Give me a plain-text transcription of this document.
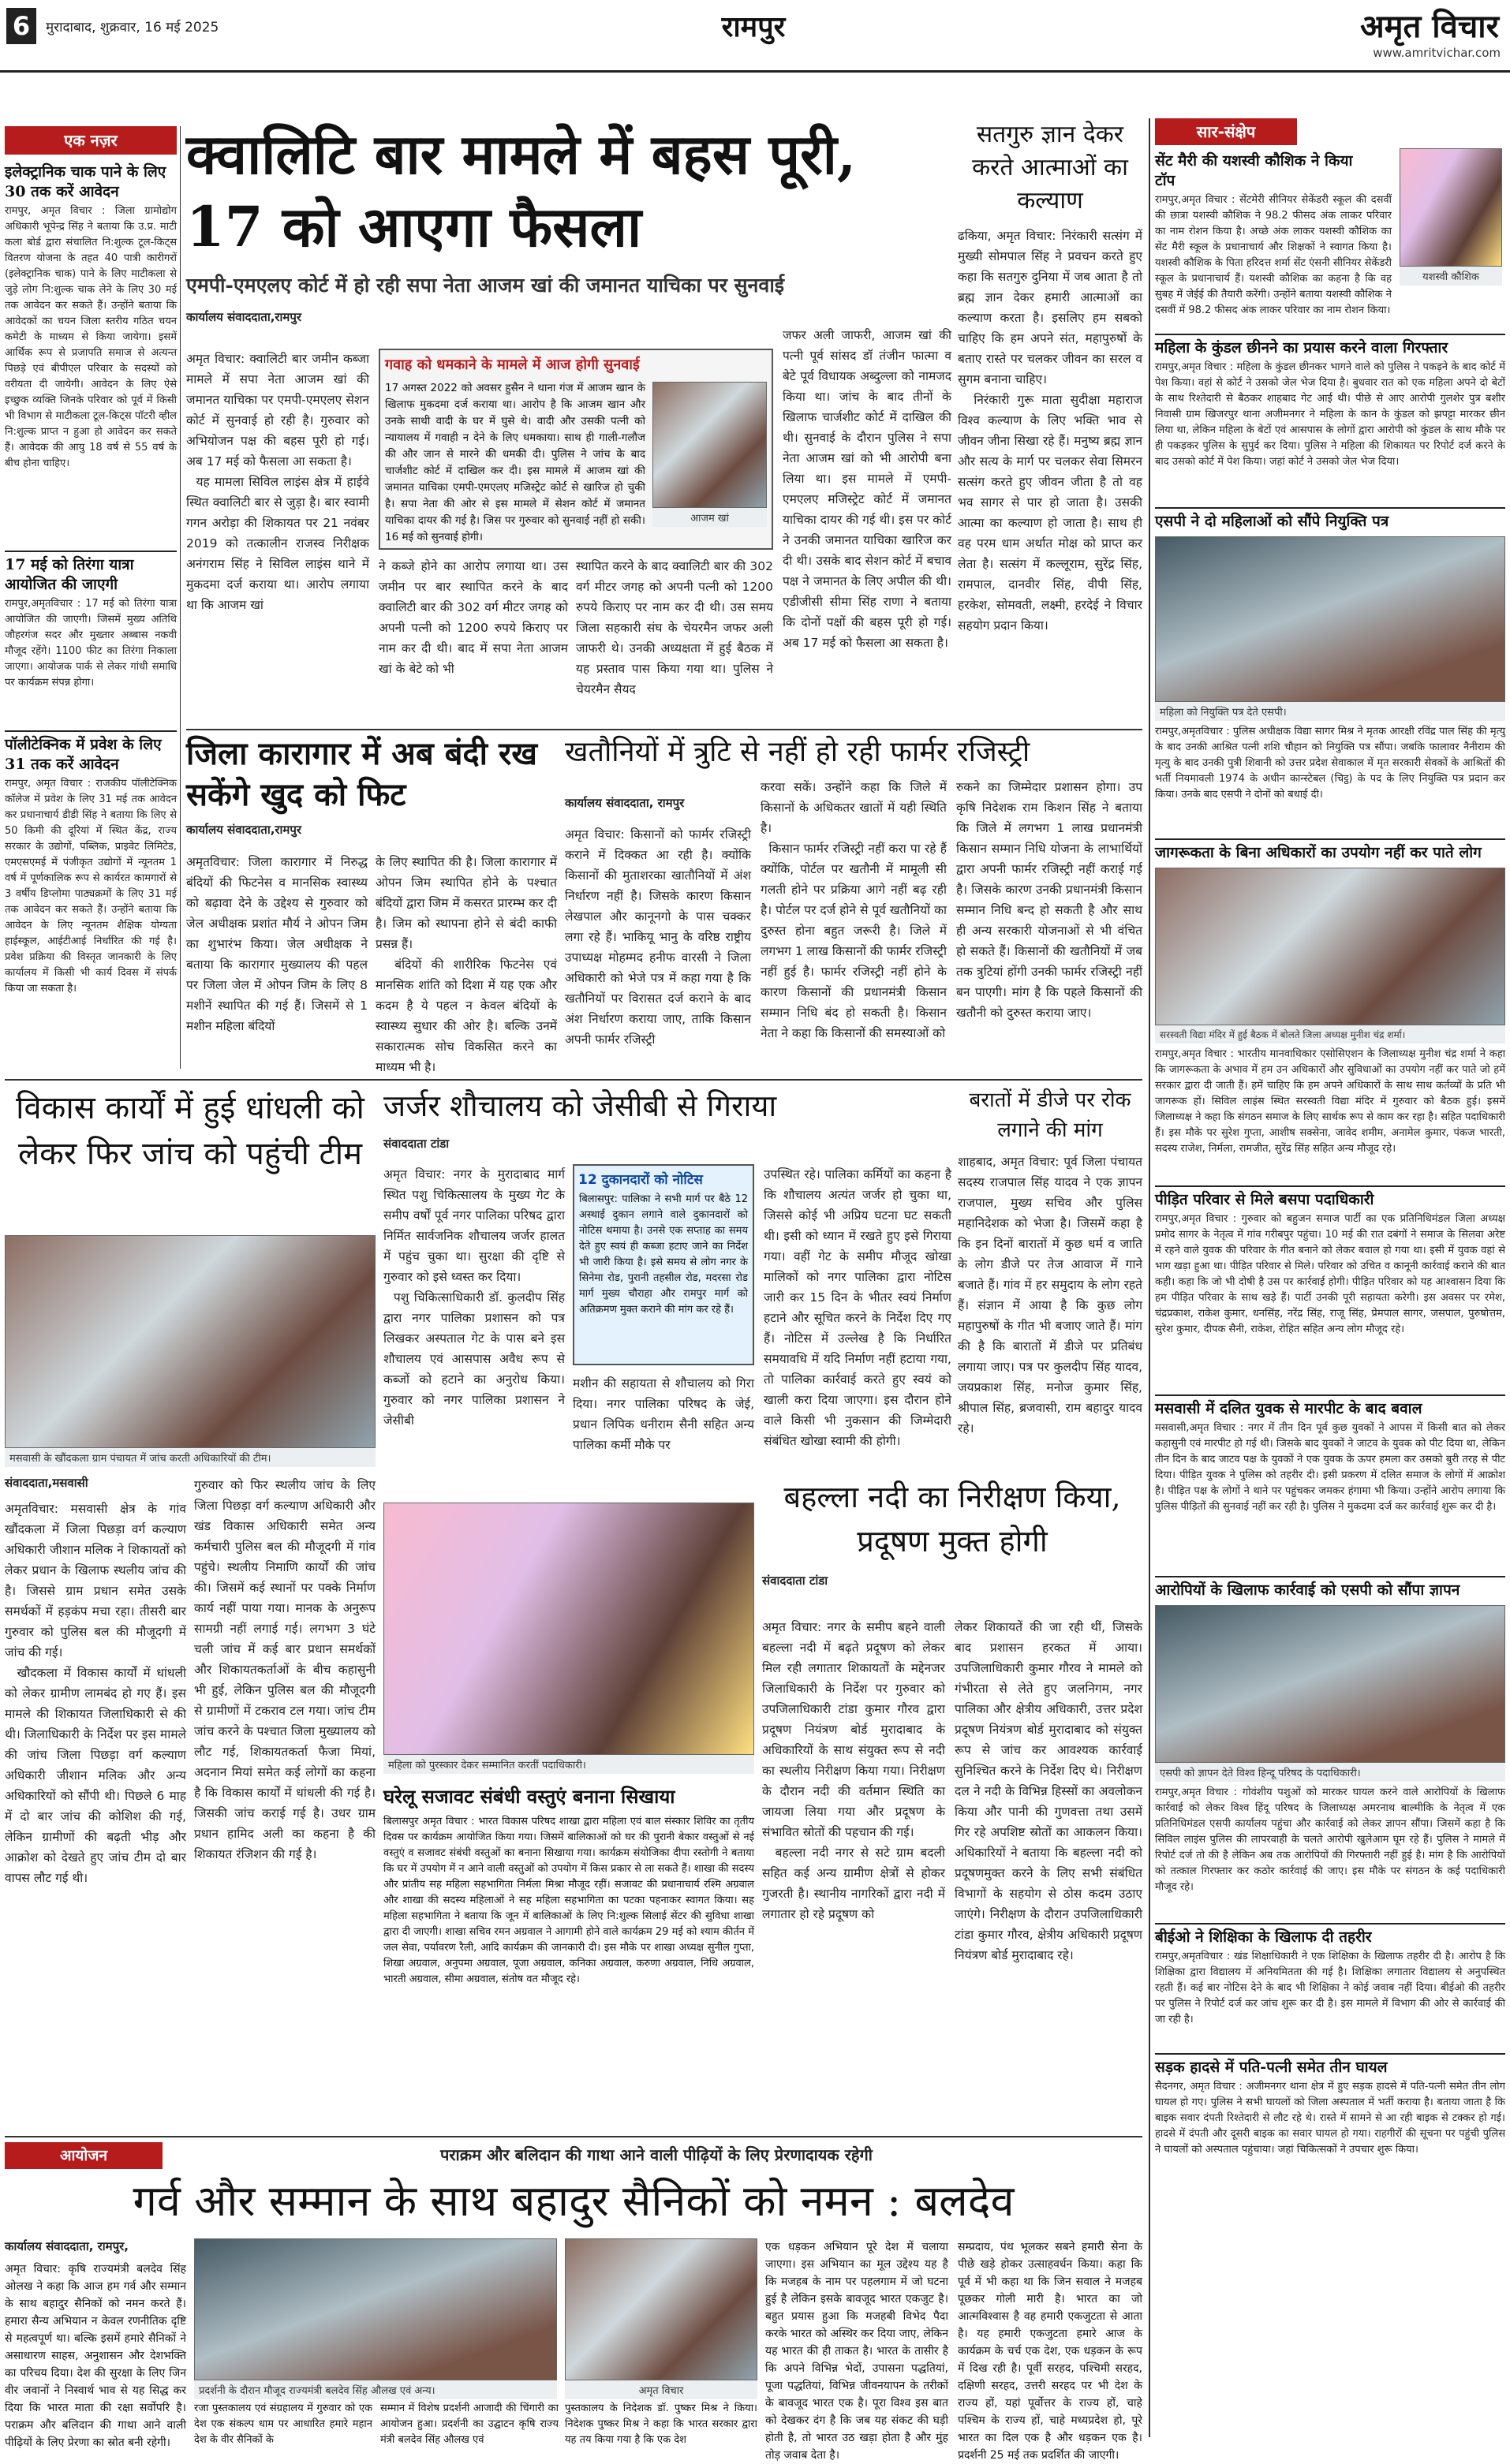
6	मुरादाबाद, शुक्रवार, 16 मई 2025	रामपुर	अमृत विचार
www.amritvichar.com
एक नज़र
इलेक्ट्रानिक चाक पाने के लिए 30 तक करें आवेदन
रामपुर, अमृत विचार : जिला ग्रामोद्योग अधिकारी भूपेन्द्र सिंह ने बताया कि उ.प्र. माटी कला बोर्ड द्वारा संचालित नि:शुल्क टूल-किट्स वितरण योजना के तहत 40 पात्री कारीगरों (इलेक्ट्रानिक चाक) पाने के लिए माटीकला से जुड़े लोग नि:शुल्क चाक लेने के लिए 30 मई तक आवेदन कर सकते हैं। उन्होंने बताया कि आवेदकों का चयन जिला स्तरीय गठित चयन कमेटी के माध्यम से किया जायेगा। इसमें आर्थिक रूप से प्रजापति समाज से अत्यन्त पिछड़े एवं बीपीएल परिवार के सदस्यों को वरीयता दी जायेगी। आवेदन के लिए ऐसे इच्छुक व्यक्ति जिनके परिवार को पूर्व में किसी भी विभाग से माटीकला टूल-किट्स पाॅटरी व्हील नि:शुल्क प्राप्त न हुआ हो आवेदन कर सकते हैं। आवेदक की आयु 18 वर्ष से 55 वर्ष के बीच होना चाहिए।
17 मई को तिरंगा यात्रा आयोजित की जाएगी
रामपुर,अमृतविचार : 17 मई को तिरंगा यात्रा आयोजित की जाएगी। जिसमें मुख्य अतिथि जौहरगंज सदर और मुख्तार अब्बास नकवी मौजूद रहेंगे। 1100 फीट का तिरंगा निकाला जाएगा। आयोजक पार्क से लेकर गांधी समाधि पर कार्यक्रम संपन्न होगा।
पॉलीटेक्निक में प्रवेश के लिए 31 तक करें आवेदन
रामपुर, अमृत विचार : राजकीय पॉलीटेक्निक कॉलेज में प्रवेश के लिए 31 मई तक आवेदन कर प्रधानाचार्य डीडी सिंह ने बताया कि लिए से 50 किमी की दूरियां में स्थित केंद्र, राज्य सरकार के उद्योगों, पब्लिक, प्राइवेट लिमिटेड, एमएसएमई में पंजीकृत उद्योगों में न्यूनतम 1 वर्ष में पूर्णकालिक रूप से कार्यरत कामगारों से 3 वर्षीय डिप्लोमा पाठ्यक्रमों के लिए 31 मई तक आवेदन कर सकते हैं। उन्होंने बताया कि आवेदन के लिए न्यूनतम शैक्षिक योग्यता हाईस्कूल, आईटीआई निर्धारित की गई है। प्रवेश प्रक्रिया की विस्तृत जानकारी के लिए कार्यालय में किसी भी कार्य दिवस में संपर्क किया जा सकता है।
क्वालिटि बार मामले में बहस पूरी, 17 को आएगा फैसला
एमपी-एमएलए कोर्ट में हो रही सपा नेता आजम खां की जमानत याचिका पर सुनवाई
कार्यालय संवाददाता,रामपुर
अमृत विचार: क्वालिटी बार जमीन कब्जा मामले में सपा नेता आजम खां की जमानत याचिका पर एमपी-एमएलए सेशन कोर्ट में सुनवाई हो रही है। गुरुवार को अभियोजन पक्ष की बहस पूरी हो गई। अब 17 मई को फैसला आ सकता है।
यह मामला सिविल लाइंस क्षेत्र में हाईवे स्थित क्वालिटी बार से जुड़ा है। बार स्वामी गगन अरोड़ा की शिकायत पर 21 नवंबर 2019 को तत्कालीन राजस्व निरीक्षक अनंगराम सिंह ने सिविल लाइंस थाने में मुकदमा दर्ज कराया था। आरोप लगाया था कि आजम खां
गवाह को धमकाने के मामले में आज होगी सुनवाई
17 अगस्त 2022 को अवसर हुसैन ने थाना गंज में आजम खान के खिलाफ मुकदमा दर्ज कराया था। आरोप है कि आजम खान और उनके साथी वादी के घर में घुसे थे। वादी और उसकी पत्नी को न्यायालय में गवाही न देने के लिए धमकाया। साथ ही गाली-गलौज की और जान से मारने की धमकी दी। पुलिस ने जांच के बाद चार्जशीट कोर्ट में दाखिल कर दी। इस मामले में आजम खां की जमानत याचिका एमपी-एमएलए मजिस्ट्रेट कोर्ट से खारिज हो चुकी है। सपा नेता की ओर से इस मामले में सेशन कोर्ट में जमानत याचिका दायर की गई है। जिस पर गुरुवार को सुनवाई नहीं हो सकी। 16 मई को सुनवाई होगी।
आजम खां
ने कब्जे होने का आरोप लगाया था। उस जमीन पर बार स्थापित करने के बाद क्वालिटी बार की 302 वर्ग मीटर जगह को अपनी पत्नी को 1200 रुपये किराए पर नाम कर दी थी। बाद में सपा नेता आजम खां के बेटे को भी
स्थापित करने के बाद क्वालिटी बार की 302 वर्ग मीटर जगह को अपनी पत्नी को 1200 रुपये किराए पर नाम कर दी थी। उस समय जिला सहकारी संघ के चेयरमैन जफर अली जाफरी थे। उनकी अध्यक्षता में हुई बैठक में यह प्रस्ताव पास किया गया था। पुलिस ने चेयरमैन सैयद
जफर अली जाफरी, आजम खां की पत्नी पूर्व सांसद डॉ तंजीन फात्मा व बेटे पूर्व विधायक अब्दुल्ला को नामजद किया था। जांच के बाद तीनों के खिलाफ चार्जशीट कोर्ट में दाखिल की थी। सुनवाई के दौरान पुलिस ने सपा नेता आजम खां को भी आरोपी बना लिया था। इस मामले में एमपी-एमएलए मजिस्ट्रेट कोर्ट में जमानत याचिका दायर की गई थी। इस पर कोर्ट ने उनकी जमानत याचिका खारिज कर दी थी। उसके बाद सेशन कोर्ट में बचाव पक्ष ने जमानत के लिए अपील की थी। एडीजीसी सीमा सिंह राणा ने बताया कि दोनों पक्षों की बहस पूरी हो गई। अब 17 मई को फैसला आ सकता है।
सतगुरु ज्ञान देकर करते आत्माओं का कल्याण
ढकिया, अमृत विचार: निरंकारी सत्संग में मुख्यी सोमपाल सिंह ने प्रवचन करते हुए कहा कि सतगुरु दुनिया में जब आता है तो ब्रह्म ज्ञान देकर हमारी आत्माओं का कल्याण करता है। इसलिए हम सबको चाहिए कि हम अपने संत, महापुरुषों के बताए रास्ते पर चलकर जीवन का सरल व सुगम बनाना चाहिए।
निरंकारी गुरू माता सुदीक्षा महाराज विश्व कल्याण के लिए भक्ति भाव से जीवन जीना सिखा रहे हैं। मनुष्य ब्रह्म ज्ञान और सत्य के मार्ग पर चलकर सेवा सिमरन सत्संग करते हुए जीवन जीता है तो वह भव सागर से पार हो जाता है। उसकी आत्मा का कल्याण हो जाता है। साथ ही वह परम धाम अर्थात मोक्ष को प्राप्त कर लेता है। सत्संग में कल्लूराम, सुरेंद्र सिंह, रामपाल, दानवीर सिंह, वीपी सिंह, हरकेश, सोमवती, लक्ष्मी, हरदेई ने विचार सहयोग प्रदान किया।
जिला कारागार में अब बंदी रख सकेंगे खुद को फिट
कार्यालय संवाददाता,रामपुर
अमृतविचार: जिला कारागार में निरुद्ध बंदियों की फिटनेस व मानसिक स्वास्थ्य को बढ़ावा देने के उद्देश्य से गुरुवार को जेल अधीक्षक प्रशांत मौर्य ने ओपन जिम का शुभारंभ किया। जेल अधीक्षक ने बताया कि कारागार मुख्यालय की पहल पर जिला जेल में ओपन जिम के लिए 8 मशीनें स्थापित की गई हैं। जिसमें से 1 मशीन महिला बंदियों
के लिए स्थापित की है। जिला कारागार में ओपन जिम स्थापित होने के पश्चात बंदियों द्वारा जिम में कसरत प्रारम्भ कर दी है। जिम को स्थापना होने से बंदी काफी प्रसन्न हैं।
बंदियों की शारीरिक फिटनेस एवं मानसिक शांति को दिशा में यह एक और कदम है ये पहल न केवल बंदियों के स्वास्थ्य सुधार की ओर है। बल्कि उनमें सकारात्मक सोच विकसित करने का माध्यम भी है।
खतौनियों में त्रुटि से नहीं हो रही फार्मर रजिस्ट्री
कार्यालय संवाददाता, रामपुर
अमृत विचार: किसानों को फार्मर रजिस्ट्री कराने में दिक्कत आ रही है। क्योंकि किसानों की मुताशरका खातौनियों में अंश निर्धारण नहीं है। जिसके कारण किसान लेखपाल और कानूनगो के पास चक्कर लगा रहे हैं। भाकियू भानु के वरिष्ठ राष्ट्रीय उपाध्यक्ष मोहम्मद हनीफ वारसी ने जिला अधिकारी को भेजे पत्र में कहा गया है कि खतौनियों पर विरासत दर्ज कराने के बाद अंश निर्धारण कराया जाए, ताकि किसान अपनी फार्मर रजिस्ट्री
करवा सकें। उन्होंने कहा कि जिले में किसानों के अधिकतर खातों में यही स्थिति है।
किसान फार्मर रजिस्ट्री नहीं करा पा रहे हैं क्योंकि, पोर्टल पर खतौनी में मामूली सी गलती होने पर प्रक्रिया आगे नहीं बढ़ रही है। पोर्टल पर दर्ज होने से पूर्व खतौनियों का दुरुस्त होना बहुत जरूरी है। जिले में लगभग 1 लाख किसानों की फार्मर रजिस्ट्री नहीं हुई है। फार्मर रजिस्ट्री नहीं होने के कारण किसानों की प्रधानमंत्री किसान सम्मान निधि बंद हो सकती है। किसान नेता ने कहा कि किसानों की समस्याओं को
रुकने का जिम्मेदार प्रशासन होगा। उप कृषि निदेशक राम किशन सिंह ने बताया कि जिले में लगभग 1 लाख प्रधानमंत्री किसान सम्मान निधि योजना के लाभार्थियों द्वारा अपनी फार्मर रजिस्ट्री नहीं कराई गई है। जिसके कारण उनकी प्रधानमंत्री किसान सम्मान निधि बन्द हो सकती है और साथ ही अन्य सरकारी योजनाओं से भी वंचित हो सकते हैं। किसानों की खतौनियों में जब तक त्रुटियां होंगी उनकी फार्मर रजिस्ट्री नहीं बन पाएगी। मांग है कि पहले किसानों की खतौनी को दुरुस्त कराया जाए।
विकास कार्यों में हुई धांधली को लेकर फिर जांच को पहुंची टीम
मसवासी के खौंदकला ग्राम पंचायत में जांच करती अधिकारियों की टीम।
संवाददाता,मसवासी
अमृतविचार: मसवासी क्षेत्र के गांव खौंदकला में जिला पिछड़ा वर्ग कल्याण अधिकारी जीशान मलिक ने शिकायतों को लेकर प्रधान के खिलाफ स्थलीय जांच की है। जिससे ग्राम प्रधान समेत उसके समर्थकों में हड़कंप मचा रहा। तीसरी बार गुरुवार को पुलिस बल की मौजूदगी में जांच की गई।
खौदकला में विकास कार्यों में धांधली को लेकर ग्रामीण लामबंद हो गए हैं। इस मामले की शिकायत जिलाधिकारी से की थी। जिलाधिकारी के निर्देश पर इस मामले की जांच जिला पिछड़ा वर्ग कल्याण अधिकारी जीशान मलिक और अन्य अधिकारियों को सौंपी थी। पिछले 6 माह में दो बार जांच की कोशिश की गई, लेकिन ग्रामीणों की बढ़ती भीड़ और आक्रोश को देखते हुए जांच टीम दो बार वापस लौट गई थी।
गुरुवार को फिर स्थलीय जांच के लिए जिला पिछड़ा वर्ग कल्याण अधिकारी और खंड विकास अधिकारी समेत अन्य कर्मचारी पुलिस बल की मौजूदगी में गांव पहुंचे। स्थलीय निमाणि कार्यों की जांच की। जिसमें कई स्थानों पर पक्के निर्माण कार्य नहीं पाया गया। मानक के अनुरूप सामग्री नहीं लगाई गई। लगभग 3 घंटे चली जांच में कई बार प्रधान समर्थकों और शिकायतकर्ताओं के बीच कहासुनी भी हुई, लेकिन पुलिस बल की मौजूदगी से ग्रामीणों में टकराव टल गया। जांच टीम जांच करने के पश्चात जिला मुख्यालय को लौट गई, शिकायतकर्ता फैजा मियां, अदनान मियां समेत कई लोगों का कहना है कि विकास कार्यों में धांधली की गई है। जिसकी जांच कराई गई है। उधर ग्राम प्रधान हामिद अली का कहना है की शिकायत रंजिशन की गई है।
जर्जर शौचालय को जेसीबी से गिराया
संवाददाता टांडा
अमृत विचार: नगर के मुरादाबाद मार्ग स्थित पशु चिकित्सालय के मुख्य गेट के समीप वर्षों पूर्व नगर पालिका परिषद द्वारा निर्मित सार्वजनिक शौचालय जर्जर हालत में पहुंच चुका था। सुरक्षा की दृष्टि से गुरुवार को इसे ध्वस्त कर दिया।
पशु चिकित्साधिकारी डॉ. कुलदीप सिंह द्वारा नगर पालिका प्रशासन को पत्र लिखकर अस्पताल गेट के पास बने इस शौचालय एवं आसपास अवैध रूप से कब्जों को हटाने का अनुरोध किया। गुरुवार को नगर पालिका प्रशासन ने जेसीबी
12 दुकानदारों को नोटिस
बिलासपुर: पालिका ने सभी मार्ग पर बैठे 12 अस्थाई दुकान लगाने वाले दुकानदारों को नोटिस थमाया है। उनसे एक सप्ताह का समय देते हुए स्वयं ही कब्जा हटाए जाने का निर्देश भी जारी किया है। इसे समय से लोग नगर के सिनेमा रोड, पुरानी तहसील रोड, मदरसा रोड मार्ग मुख्य चौराहा और रामपुर मार्ग को अतिक्रमण मुक्त कराने की मांग कर रहे हैं।
मशीन की सहायता से शौचालय को गिरा दिया। नगर पालिका परिषद के जेई, प्रधान लिपिक धनीराम सैनी सहित अन्य पालिका कर्मी मौके पर
उपस्थित रहे। पालिका कर्मियों का कहना है कि शौचालय अत्यंत जर्जर हो चुका था, जिससे कोई भी अप्रिय घटना घट सकती थी। इसी को ध्यान में रखते हुए इसे गिराया गया। वहीं गेट के समीप मौजूद खोखा मालिकों को नगर पालिका द्वारा नोटिस जारी कर 15 दिन के भीतर स्वयं निर्माण हटाने और सूचित करने के निर्देश दिए गए हैं। नोटिस में उल्लेख है कि निर्धारित समयावधि में यदि निर्माण नहीं हटाया गया, तो पालिका कार्रवाई करते हुए स्वयं को खाली करा दिया जाएगा। इस दौरान होने वाले किसी भी नुकसान की जिम्मेदारी संबंधित खोखा स्वामी की होगी।
बरातों में डीजे पर रोक लगाने की मांग
शाहबाद, अमृत विचार: पूर्व जिला पंचायत सदस्य राजपाल सिंह यादव ने एक ज्ञापन राजपाल, मुख्य सचिव और पुलिस महानिदेशक को भेजा है। जिसमें कहा है कि इन दिनों बारातों में कुछ धर्म व जाति के लोग डीजे पर तेज आवाज में गाने बजाते हैं। गांव में हर समुदाय के लोग रहते हैं। संज्ञान में आया है कि कुछ लोग महापुरुषों के गीत भी बजाए जाते हैं। मांग की है कि बारातों में डीजे पर प्रतिबंध लगाया जाए। पत्र पर कुलदीप सिंह यादव, जयप्रकाश सिंह, मनोज कुमार सिंह, श्रीपाल सिंह, ब्रजवासी, राम बहादुर यादव रहे।
बहल्ला नदी का निरीक्षण किया, प्रदूषण मुक्त होगी
संवाददाता टांडा
अमृत विचार: नगर के समीप बहने वाली बहल्ला नदी में बढ़ते प्रदूषण को लेकर मिल रही लगातार शिकायतों के मद्देनजर जिलाधिकारी के निर्देश पर गुरुवार को उपजिलाधिकारी टांडा कुमार गौरव द्वारा प्रदूषण नियंत्रण बोर्ड मुरादाबाद के अधिकारियों के साथ संयुक्त रूप से नदी का स्थलीय निरीक्षण किया गया। निरीक्षण के दौरान नदी की वर्तमान स्थिति का जायजा लिया गया और प्रदूषण के संभावित स्रोतों की पहचान की गई।
बहल्ला नदी नगर से सटे ग्राम बदली सहित कई अन्य ग्रामीण क्षेत्रों से होकर गुजरती है। स्थानीय नागरिकों द्वारा नदी में लगातार हो रहे प्रदूषण को
लेकर शिकायतें की जा रही थीं, जिसके बाद प्रशासन हरकत में आया। उपजिलाधिकारी कुमार गौरव ने मामले को गंभीरता से लेते हुए जलनिगम, नगर पालिका और क्षेत्रीय अधिकारी, उत्तर प्रदेश प्रदूषण नियंत्रण बोर्ड मुरादाबाद को संयुक्त रूप से जांच कर आवश्यक कार्रवाई सुनिश्चित करने के निर्देश दिए थे। निरीक्षण दल ने नदी के विभिन्न हिस्सों का अवलोकन किया और पानी की गुणवत्ता तथा उसमें गिर रहे अपशिष्ट स्रोतों का आकलन किया। अधिकारियों ने बताया कि बहल्ला नदी को प्रदूषणमुक्त करने के लिए सभी संबंधित विभागों के सहयोग से ठोस कदम उठाए जाएंगे। निरीक्षण के दौरान उपजिलाधिकारी टांडा कुमार गौरव, क्षेत्रीय अधिकारी प्रदूषण नियंत्रण बोर्ड मुरादाबाद रहे।
महिला को पुरस्कार देकर सम्मानित करतीं पदाधिकारी।
घरेलू सजावट संबंधी वस्तुएं बनाना सिखाया
बिलासपुर अमृत विचार : भारत विकास परिषद शाखा द्वारा महिला एवं बाल संस्कार शिविर का तृतीय दिवस पर कार्यक्रम आयोजित किया गया। जिसमें बालिकाओं को घर की पुरानी बेकार वस्तुओं से नई वस्तुएं व सजावट संबंधी वस्तुओं का बनाना सिखाया गया। कार्यक्रम संयोजिका दीपा रस्तोगी ने बताया कि घर में उपयोग में न आने वाली वस्तुओं को उपयोग में किस प्रकार से ला सकते हैं। शाखा की सदस्य और प्रांतीय सह महिला सहभागिता निर्मला मिश्रा मौजूद रहीं। सजावट की प्रधानाचार्य रश्मि अग्रवाल और शाखा की सदस्य महिलाओं ने सह महिला सहभागिता का पटका पहनाकर स्वागत किया। सह महिला सहभागिता ने बताया कि जून में बालिकाओं के लिए नि:शुल्क सिलाई सेंटर की सुविधा शाखा द्वारा दी जाएगी। शाखा सचिव रमन अग्रवाल ने आगामी होने वाले कार्यक्रम 29 मई को श्याम कीर्तन में जल सेवा, पर्यावरण रैली, आदि कार्यक्रम की जानकारी दी। इस मौके पर शाखा अध्यक्ष सुनील गुप्ता, शिखा अग्रवाल, अनुपमा अग्रवाल, पूजा अग्रवाल, कनिका अग्रवाल, करुणा अग्रवाल, निधि अग्रवाल, भारती अग्रवाल, सीमा अग्रवाल, संतोष वत मौजूद रहे।
आयोजन	पराक्रम और बलिदान की गाथा आने वाली पीढ़ियों के लिए प्रेरणादायक रहेगी
गर्व और सम्मान के साथ बहादुर सैनिकों को नमन : बलदेव
कार्यालय संवाददाता, रामपुर,
अमृत विचार: कृषि राज्यमंत्री बलदेव सिंह ओलख ने कहा कि आज हम गर्व और सम्मान के साथ बहादुर सैनिकों को नमन करते हैं। हमारा सैन्य अभियान न केवल रणनीतिक दृष्टि से महत्वपूर्ण था। बल्कि इसमें हमारे सैनिकों ने असाधारण साहस, अनुशासन और देशभक्ति का परिचय दिया। देश की सुरक्षा के लिए जिन वीर जवानों ने निस्वार्थ भाव से यह सिद्ध कर दिया कि भारत माता की रक्षा सर्वोपरि है। पराक्रम और बलिदान की गाथा आने वाली पीढ़ियों के लिए प्रेरणा का स्रोत बनी रहेगी।
प्रदर्शनी के दौरान मौजूद राज्यमंत्री बलदेव सिंह औलख एवं अन्य।	अमृत विचार
रजा पुस्तकालय एवं संग्रहालय में गुरुवार को एक देश एक संकल्प धाम पर आधारित हमारे महान देश के वीर सैनिकों के
सम्मान में विशेष प्रदर्शनी आजादी की चिंगारी का आयोजन हुआ। प्रदर्शनी का उद्घाटन कृषि राज्य मंत्री बलदेव सिंह औलख एवं
पुस्तकालय के निदेशक डॉ. पुष्कर मिश्र ने किया। निदेशक पुष्कर मिश्र ने कहा कि भारत सरकार द्वारा यह तय किया गया है कि एक देश
एक धड़कन अभियान पूरे देश में चलाया जाएगा। इस अभियान का मूल उद्देश्य यह है कि मजहब के नाम पर पहलगाम में जो घटना हुई है लेकिन इसके बावजूद भारत एकजुट है। बहुत प्रयास हुआ कि मजहबी विभेद पैदा करके भारत को अस्थिर कर दिया जाए, लेकिन यह भारत की ही ताकत है। भारत के तासीर है कि अपने विभिन्न भेदों, उपासना पद्धतियां, पूजा पद्धतियां, विभिन्न जीवनयापन के तरीकों के बावजूद भारत एक है। पूरा विश्व इस बात को देखकर दंग है कि जब यह संकट की घड़ी होती है, तो भारत उठ खड़ा होता है और मुंह तोड़ जवाब देता है।
सम्प्रदाय, पंथ भूलकर सबने हमारी सेना के पीछे खड़े होकर उत्साहवर्धन किया। कहा कि पूर्व में भी कहा था कि जिन सवाल ने मजहब पूछकर गोली मारी है। भारत का जो आत्मविश्वास है वह हमारी एकजुटता से आता है। यह हमारी एकजुटता हमारे आज के कार्यक्रम के चर्च एक देश, एक धड़कन के रूप में दिख रही है। पूर्वी सरहद, पश्चिमी सरहद, दक्षिणी सरहद, उत्तरी सरहद पर भी देश के राज्य हों, यहां पूर्वोत्तर के राज्य हों, चाहे पश्चिम के राज्य हों, चाहे मध्यप्रदेश हो, पूरे भारत का दिल एक है और धड़कन एक है। प्रदर्शनी 25 मई तक प्रदर्शित की जाएगी।
सार-संक्षेप
सेंट मैरी की यशस्वी कौशिक ने किया टॉप
रामपुर,अमृत विचार : सेंटमेरी सीनियर सेकेंडरी स्कूल की दसवीं की छात्रा यशस्वी कौशिक ने 98.2 फीसद अंक लाकर परिवार का नाम रोशन किया है। अच्छे अंक लाकर यशस्वी कौशिक का सेंट मैरी स्कूल के प्रधानाचार्य और शिक्षकों ने स्वागत किया है। यशस्वी कौशिक के पिता हरिदत्त शर्मा सेंट एंसनी सीनियर सेकेंडरी स्कूल के प्रधानाचार्य हैं। यशस्वी कौशिक का कहना है कि वह सुबह में जेईई की तैयारी करेंगी। उन्होंने बताया यशस्वी कौशिक ने दसवीं में 98.2 फीसद अंक लाकर परिवार का नाम रोशन किया।
यशस्वी कौशिक
महिला के कुंडल छीनने का प्रयास करने वाला गिरफ्तार
रामपुर,अमृत विचार : महिला के कुंडल छीनकर भागने वाले को पुलिस ने पकड़ने के बाद कोर्ट में पेश किया। वहां से कोर्ट ने उसको जेल भेज दिया है। बुधवार रात को एक महिला अपने दो बेटों के साथ रिश्तेदारी से बैठकर शाहबाद गेट आई थी। पीछे से आए आरोपी गुलशेर पुत्र बशीर निवासी ग्राम खिजरपुर थाना अजीमनगर ने महिला के कान के कुंडल को झपट्टा मारकर छीन लिया था, लेकिन महिला के बेटों एवं आसपास के लोगों द्वारा आरोपी को कुंडल के साथ मौके पर ही पकड़कर पुलिस के सुपुर्द कर दिया। पुलिस ने महिला की शिकायत पर रिपोर्ट दर्ज करने के बाद उसको कोर्ट में पेश किया। जहां कोर्ट ने उसको जेल भेज दिया।
एसपी ने दो महिलाओं को सौंपे नियुक्ति पत्र
महिला को नियुक्ति पत्र देते एसपी।
रामपुर,अमृतविचार : पुलिस अधीक्षक विद्या सागर मिश्र ने मृतक आरक्षी रविंद्र पाल सिंह की मृत्यु के बाद उनकी आश्रित पत्नी शशि चौहान को नियुक्ति पत्र सौंपा। जबकि फालावर नैनीराम की मृत्यु के बाद उनकी पुत्री शिवानी को उत्तर प्रदेश सेवाकाल में मृत सरकारी सेवकों के आश्रितों की भर्ती नियमावली 1974 के अधीन कान्स्टेबल (चिट्ठ) के पद के लिए नियुक्ति पत्र प्रदान कर किया। उनके बाद एसपी ने दोनों को बधाई दी।
जागरूकता के बिना अधिकारों का उपयोग नहीं कर पाते लोग
सरस्वती विद्या मंदिर में हुई बैठक में बोलते जिला अध्यक्ष मुनीश चंद्र शर्मा।
रामपुर,अमृत विचार : भारतीय मानवाधिकार एसोसिएशन के जिलाध्यक्ष मुनीश चंद्र शर्मा ने कहा कि जागरूकता के अभाव में हम उन अधिकारों और सुविधाओं का उपयोग नहीं कर पाते जो हमें सरकार द्वारा दी जाती हैं। हमें चाहिए कि हम अपने अधिकारों के साथ साथ कर्तव्यों के प्रति भी जागरूक हों। सिविल लाइंस स्थित सरस्वती विद्या मंदिर में गुरुवार को बैठक हुई। इसमें जिलाध्यक्ष ने कहा कि संगठन समाज के लिए सार्थक रूप से काम कर रहा है। सहित पदाधिकारी हैं। इस मौके पर सुरेश गुप्ता, आशीष सक्सेना, जावेद शमीम, अनामेल कुमार, पंकज भारती, सदस्य राजेश, निर्मला, रामजीत, सुरेंद्र सिंह सहित अन्य मौजूद रहे।
पीड़ित परिवार से मिले बसपा पदाधिकारी
रामपुर,अमृत विचार : गुरुवार को बहुजन समाज पार्टी का एक प्रतिनिधिमंडल जिला अध्यक्ष प्रमोद सागर के नेतृत्व में गांव गरीबपुर पहुंचा। 10 मई की रात दबंगों ने समाज के सिलवा अरेष्ट में रहने वाले युवक की परिवार के गीत बनाने को लेकर बवाल हो गया था। इसी में युवक वहां से भाग खड़ा हुआ था। पीड़ित परिवार से मिले। परिवार को उचित व कानूनी कार्रवाई कराने की बात कही। कहा कि जो भी दोषी है उस पर कार्रवाई होगी। पीड़ित परिवार को यह आश्वासन दिया कि हम पीड़ित परिवार के साथ खड़े हैं। पार्टी उनकी पूरी सहायता करेगी। इस अवसर पर रमेश, चंद्रप्रकाश, राकेश कुमार, धनसिंह, नरेंद्र सिंह, राजू सिंह, प्रेमपाल सागर, जसपाल, पुरुषोत्तम, सुरेश कुमार, दीपक सैनी, राकेश, रोहित सहित अन्य लोग मौजूद रहे।
मसवासी में दलित युवक से मारपीट के बाद बवाल
मसवासी,अमृत विचार : नगर में तीन दिन पूर्व कुछ युवकों ने आपस में किसी बात को लेकर कहासुनी एवं मारपीट हो गई थी। जिसके बाद युवकों ने जाटव के युवक को पीट दिया था, लेकिन तीन दिन के बाद जाटव पक्ष के युवकों ने एक युवक के ऊपर हमला कर उसको बुरी तरह से पीट दिया। पीड़ित युवक ने पुलिस को तहरीर दी। इसी प्रकरण में दलित समाज के लोगों में आक्रोश है। पीड़ित पक्ष के लोगों ने थाने पर पहुंचकर जमकर हंगामा भी किया। उन्होंने आरोप लगाया कि पुलिस पीड़ितों की सुनवाई नहीं कर रही है। पुलिस ने मुकदमा दर्ज कर कार्रवाई शुरू कर दी है।
आरोपियों के खिलाफ कार्रवाई को एसपी को सौंपा ज्ञापन
एसपी को ज्ञापन देते विश्व हिन्दू परिषद के पदाधिकारी।
रामपुर,अमृत विचार : गोवंशीय पशुओं को मारकर घायल करने वाले आरोपियों के खिलाफ कार्रवाई को लेकर विश्व हिंदू परिषद के जिलाध्यक्ष अमरनाथ बाल्मीकि के नेतृत्व में एक प्रतिनिधिमंडल एसपी कार्यालय पहुंचा और कार्रवाई को लेकर ज्ञापन सौंपा। जिसमें कहा है कि सिविल लाइंस पुलिस की लापरवाही के चलते आरोपी खुलेआम घूम रहे हैं। पुलिस ने मामले में रिपोर्ट दर्ज तो की है लेकिन अब तक आरोपियों की गिरफ्तारी नहीं हुई है। मांग है कि आरोपियों को तत्काल गिरफ्तार कर कठोर कार्रवाई की जाए। इस मौके पर संगठन के कई पदाधिकारी मौजूद रहे।
बीईओ ने शिक्षिका के खिलाफ दी तहरीर
रामपुर,अमृतविचार : खंड शिक्षाधिकारी ने एक शिक्षिका के खिलाफ तहरीर दी है। आरोप है कि शिक्षिका द्वारा विद्यालय में अनियमितता की गई है। शिक्षिका लगातार विद्यालय से अनुपस्थित रहती हैं। कई बार नोटिस देने के बाद भी शिक्षिका ने कोई जवाब नहीं दिया। बीईओ की तहरीर पर पुलिस ने रिपोर्ट दर्ज कर जांच शुरू कर दी है। इस मामले में विभाग की ओर से कार्रवाई की जा रही है।
सड़क हादसे में पति-पत्नी समेत तीन घायल
सैदनगर, अमृत विचार : अजीमनगर थाना क्षेत्र में हुए सड़क हादसे में पति-पत्नी समेत तीन लोग घायल हो गए। पुलिस ने सभी घायलों को जिला अस्पताल में भर्ती कराया है। बताया जाता है कि बाइक सवार दंपती रिश्तेदारी से लौट रहे थे। रास्ते में सामने से आ रही बाइक से टक्कर हो गई। हादसे में दंपती और दूसरी बाइक का सवार घायल हो गया। राहगीरों की सूचना पर पहुंची पुलिस ने घायलों को अस्पताल पहुंचाया। जहां चिकित्सकों ने उपचार शुरू किया।
